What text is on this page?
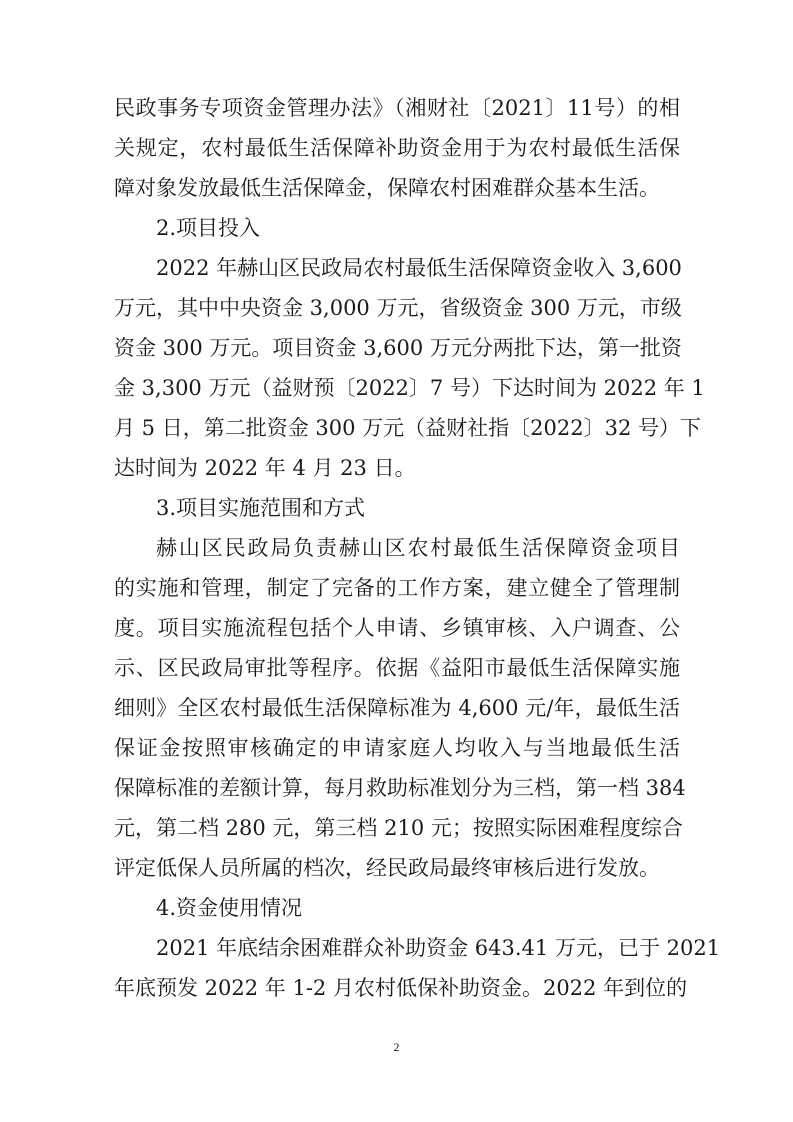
民政事务专项资金管理办法》（湘财社〔2021〕11号）的相
关规定，农村最低生活保障补助资金用于为农村最低生活保
障对象发放最低生活保障金，保障农村困难群众基本生活。
2.项目投入
2022 年赫山区民政局农村最低生活保障资金收入 3,600
万元，其中中央资金 3,000 万元，省级资金 300 万元，市级
资金 300 万元。项目资金 3,600 万元分两批下达，第一批资
金 3,300 万元（益财预〔2022〕7 号）下达时间为 2022 年 1
月 5 日，第二批资金 300 万元（益财社指〔2022〕32 号）下
达时间为 2022 年 4 月 23 日。
3.项目实施范围和方式
赫山区民政局负责赫山区农村最低生活保障资金项目
的实施和管理，制定了完备的工作方案，建立健全了管理制
度。项目实施流程包括个人申请、乡镇审核、入户调查、公
示、区民政局审批等程序。依据《益阳市最低生活保障实施
细则》全区农村最低生活保障标准为 4,600 元/年，最低生活
保证金按照审核确定的申请家庭人均收入与当地最低生活
保障标准的差额计算，每月救助标准划分为三档，第一档 384
元，第二档 280 元，第三档 210 元；按照实际困难程度综合
评定低保人员所属的档次，经民政局最终审核后进行发放。
4.资金使用情况
2021 年底结余困难群众补助资金 643.41 万元，已于 2021
年底预发 2022 年 1-2 月农村低保补助资金。2022 年到位的
2
